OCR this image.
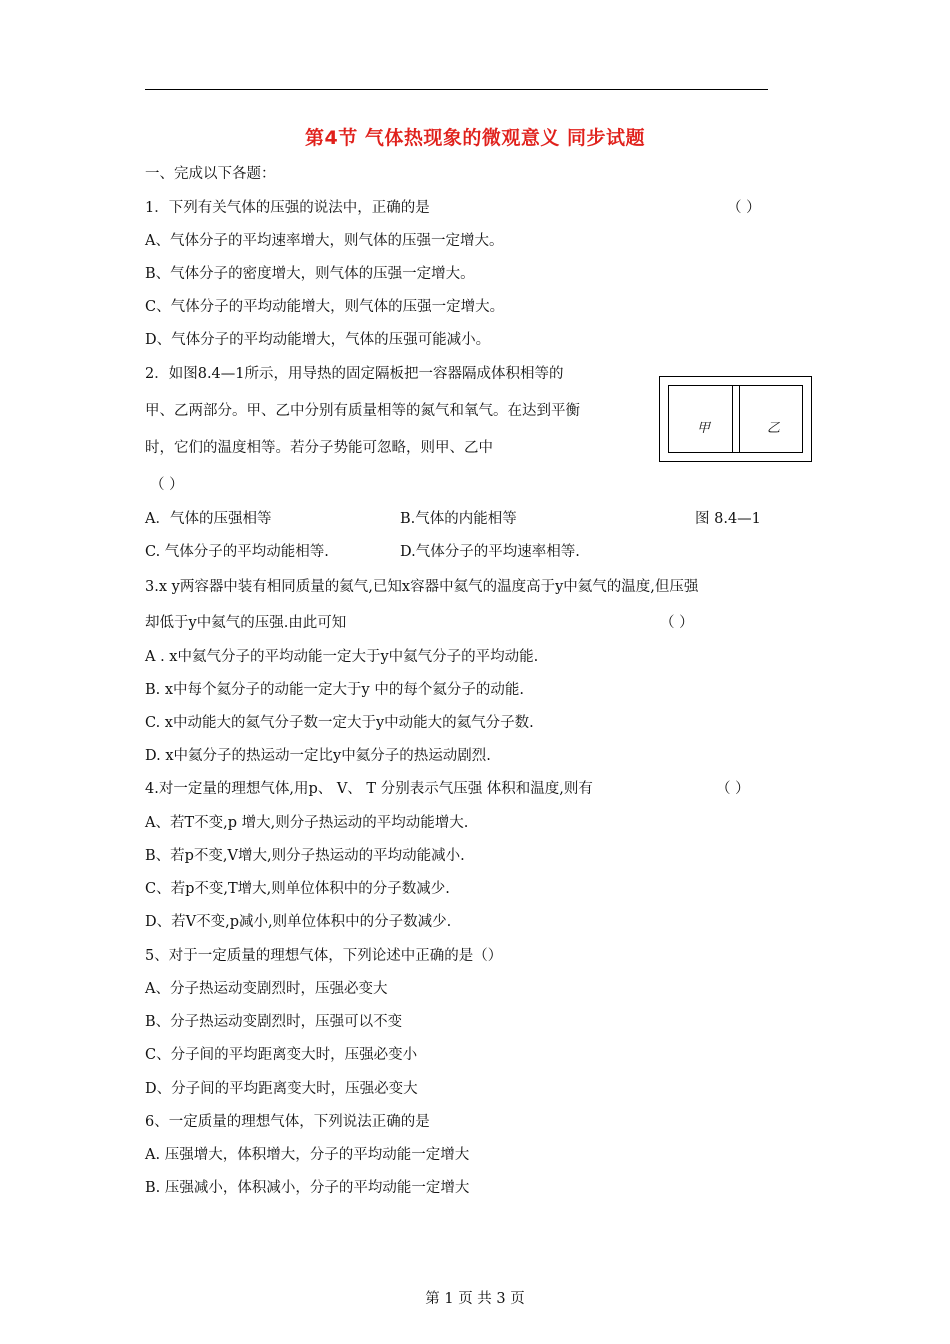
第4节 气体热现象的微观意义 同步试题
一、完成以下各题：
1．下列有关气体的压强的说法中，正确的是	（ ）
A、气体分子的平均速率增大，则气体的压强一定增大。
B、气体分子的密度增大，则气体的压强一定增大。
C、气体分子的平均动能增大，则气体的压强一定增大。
D、气体分子的平均动能增大，气体的压强可能减小。
2．如图8.4—1所示，用导热的固定隔板把一容器隔成体积相等的
甲、乙两部分。甲、乙中分别有质量相等的氮气和氧气。在达到平衡
时，它们的温度相等。若分子势能可忽略，则甲、乙中
（ ）
A．气体的压强相等	B.气体的内能相等
C. 气体分子的平均动能相等.	D.气体分子的平均速率相等.
甲	乙
图 8.4—1
3.x y两容器中装有相同质量的氦气,已知x容器中氦气的温度高于y中氦气的温度,但压强
却低于y中氦气的压强.由此可知	（ ）
A . x中氦气分子的平均动能一定大于y中氦气分子的平均动能.
B. x中每个氦分子的动能一定大于y 中的每个氦分子的动能.
C. x中动能大的氦气分子数一定大于y中动能大的氦气分子数.
D. x中氦分子的热运动一定比y中氦分子的热运动剧烈.
4.对一定量的理想气体,用p、 V、 T 分别表示气压强 体积和温度,则有	（ ）
A、若T不变,p 增大,则分子热运动的平均动能增大.
B、若p不变,V增大,则分子热运动的平均动能减小.
C、若p不变,T增大,则单位体积中的分子数减少.
D、若V不变,p减小,则单位体积中的分子数减少.
5、对于一定质量的理想气体，下列论述中正确的是（）
A、分子热运动变剧烈时，压强必变大
B、分子热运动变剧烈时，压强可以不变
C、分子间的平均距离变大时，压强必变小
D、分子间的平均距离变大时，压强必变大
6、一定质量的理想气体，下列说法正确的是
A. 压强增大，体积增大，分子的平均动能一定增大
B. 压强减小，体积减小，分子的平均动能一定增大
第 1 页 共 3 页
